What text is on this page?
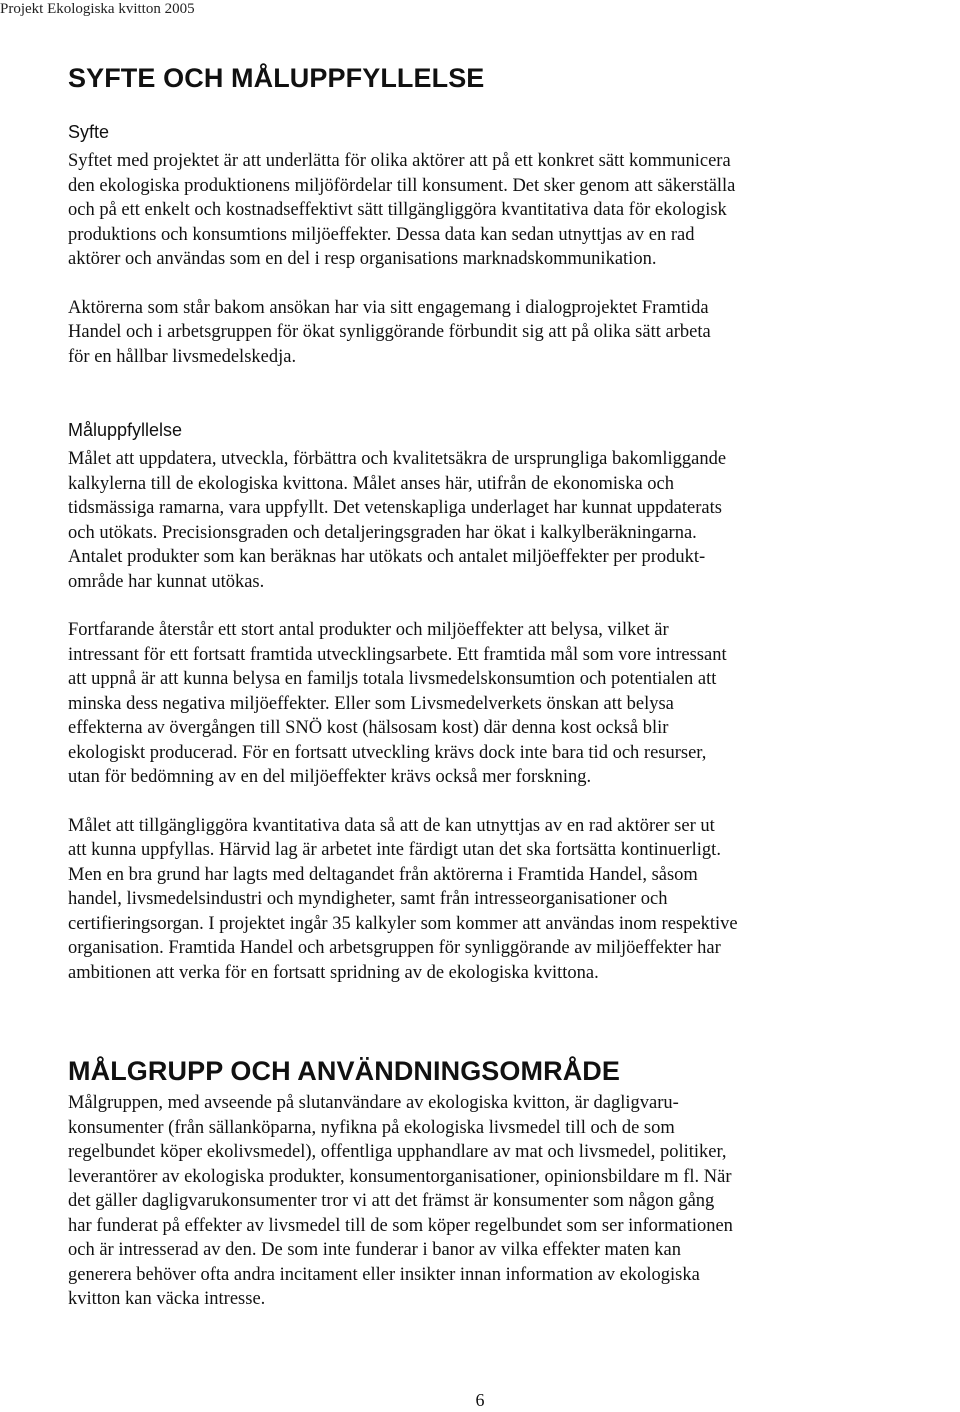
Projekt Ekologiska kvitton 2005
SYFTE OCH MÅLUPPFYLLELSE
Syfte

Syftet med projektet är att underlätta för olika aktörer att på ett konkret sätt kommunicera
den ekologiska produktionens miljöfördelar till konsument. Det sker genom att säkerställa
och på ett enkelt och kostnadseffektivt sätt tillgängliggöra kvantitativa data för ekologisk
produktions och konsumtions miljöeffekter. Dessa data kan sedan utnyttjas av en rad
aktörer och användas som en del i resp organisations marknadskommunikation.

Aktörerna som står bakom ansökan har via sitt engagemang i dialogprojektet Framtida
Handel och i arbetsgruppen för ökat synliggörande förbundit sig att på olika sätt arbeta
för en hållbar livsmedelskedja.

Måluppfyllelse

Målet att uppdatera, utveckla, förbättra och kvalitetsäkra de ursprungliga bakomliggande
kalkylerna till de ekologiska kvittona. Målet anses här, utifrån de ekonomiska och
tidsmässiga ramarna, vara uppfyllt. Det vetenskapliga underlaget har kunnat uppdaterats
och utökats. Precisionsgraden och detaljeringsgraden har ökat i kalkylberäkningarna.
Antalet produkter som kan beräknas har utökats och antalet miljöeffekter per produkt-
område har kunnat utökas.

Fortfarande återstår ett stort antal produkter och miljöeffekter att belysa, vilket är
intressant för ett fortsatt framtida utvecklingsarbete. Ett framtida mål som vore intressant
att uppnå är att kunna belysa en familjs totala livsmedelskonsumtion och potentialen att
minska dess negativa miljöeffekter. Eller som Livsmedelverkets önskan att belysa
effekterna av övergången till SNÖ kost (hälsosam kost) där denna kost också blir
ekologiskt producerad. För en fortsatt utveckling krävs dock inte bara tid och resurser,
utan för bedömning av en del miljöeffekter krävs också mer forskning.

Målet att tillgängliggöra kvantitativa data så att de kan utnyttjas av en rad aktörer ser ut
att kunna uppfyllas. Härvid lag är arbetet inte färdigt utan det ska fortsätta kontinuerligt.
Men en bra grund har lagts med deltagandet från aktörerna i Framtida Handel, såsom
handel, livsmedelsindustri och myndigheter, samt från intresseorganisationer och
certifieringsorgan. I projektet ingår 35 kalkyler som kommer att användas inom respektive
organisation. Framtida Handel och arbetsgruppen för synliggörande av miljöeffekter har
ambitionen att verka för en fortsatt spridning av de ekologiska kvittona.

MÅLGRUPP OCH ANVÄNDNINGSOMRÅDE

Målgruppen, med avseende på slutanvändare av ekologiska kvitton, är dagligvaru-
konsumenter (från sällanköparna, nyfikna på ekologiska livsmedel till och de som
regelbundet köper ekolivsmedel), offentliga upphandlare av mat och livsmedel, politiker,
leverantörer av ekologiska produkter, konsumentorganisationer, opinionsbildare m fl. När
det gäller dagligvarukonsumenter tror vi att det främst är konsumenter som någon gång
har funderat på effekter av livsmedel till de som köper regelbundet som ser informationen
och är intresserad av den. De som inte funderar i banor av vilka effekter maten kan
generera behöver ofta andra incitament eller insikter innan information av ekologiska
kvitton kan väcka intresse.

6
